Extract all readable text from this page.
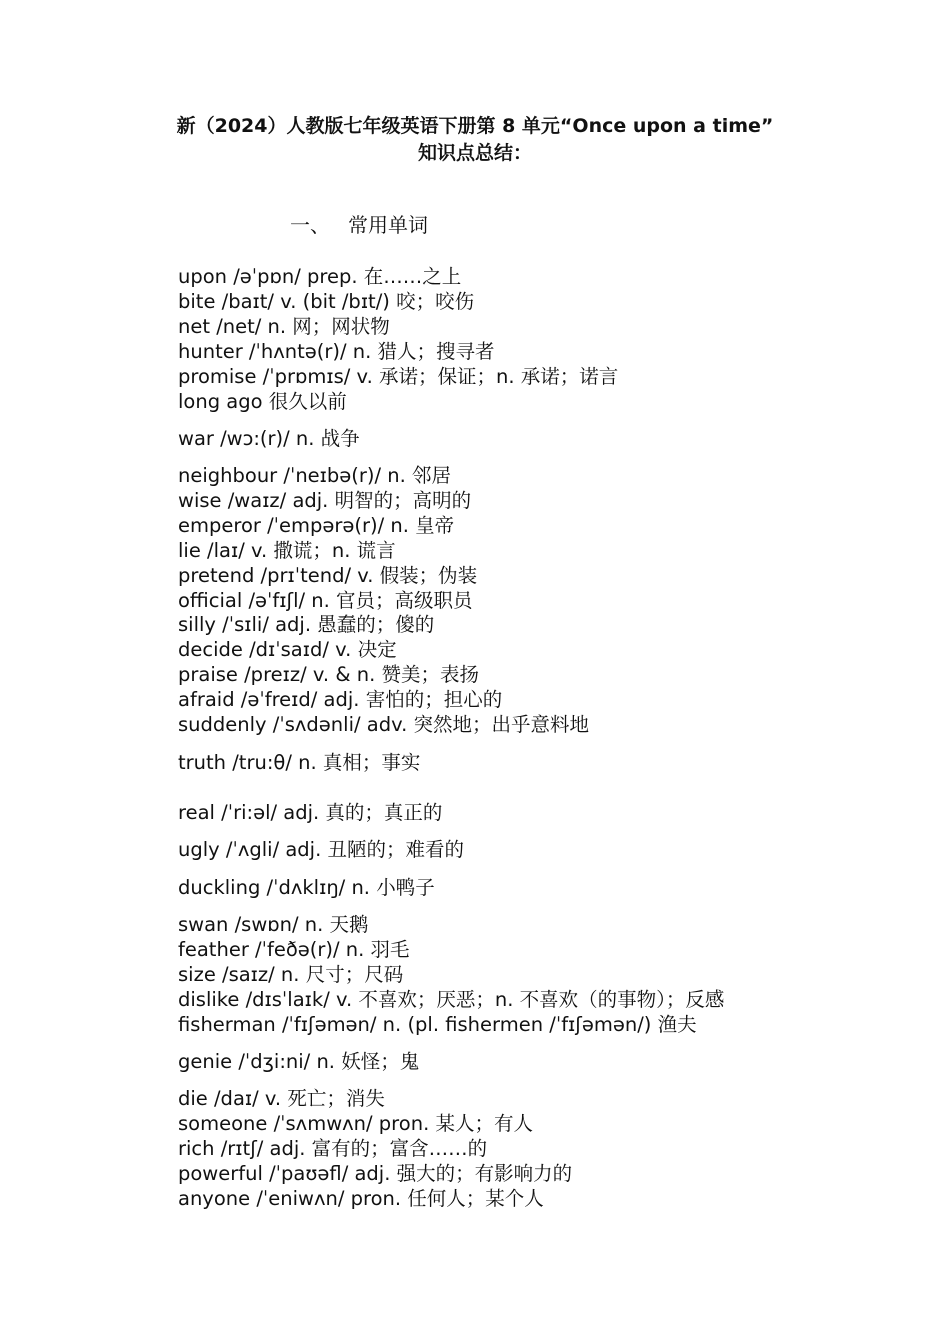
新（2024）人教版七年级英语下册第 8 单元“Once upon a time”
知识点总结：
一、 常用单词
upon /əˈpɒn/ prep. 在……之上
bite /baɪt/ v. (bit /bɪt/) 咬；咬伤
net /net/ n. 网；网状物
hunter /ˈhʌntə(r)/ n. 猎人；搜寻者
promise /ˈprɒmɪs/ v. 承诺；保证；n. 承诺；诺言
long ago 很久以前
war /wɔ:(r)/ n. 战争
neighbour /ˈneɪbə(r)/ n. 邻居
wise /waɪz/ adj. 明智的；高明的
emperor /ˈempərə(r)/ n. 皇帝
lie /laɪ/ v. 撒谎；n. 谎言
pretend /prɪˈtend/ v. 假装；伪装
official /əˈfɪʃl/ n. 官员；高级职员
silly /ˈsɪli/ adj. 愚蠢的；傻的
decide /dɪˈsaɪd/ v. 决定
praise /preɪz/ v. & n. 赞美；表扬
afraid /əˈfreɪd/ adj. 害怕的；担心的
suddenly /ˈsʌdənli/ adv. 突然地；出乎意料地
truth /tru:θ/ n. 真相；事实
real /ˈri:əl/ adj. 真的；真正的
ugly /ˈʌgli/ adj. 丑陋的；难看的
duckling /ˈdʌklɪŋ/ n. 小鸭子
swan /swɒn/ n. 天鹅
feather /ˈfeðə(r)/ n. 羽毛
size /saɪz/ n. 尺寸；尺码
dislike /dɪsˈlaɪk/ v. 不喜欢；厌恶；n. 不喜欢（的事物）；反感
fisherman /ˈfɪʃəmən/ n. (pl. fishermen /ˈfɪʃəmən/) 渔夫
genie /ˈdʒi:ni/ n. 妖怪；鬼
die /daɪ/ v. 死亡；消失
someone /ˈsʌmwʌn/ pron. 某人；有人
rich /rɪtʃ/ adj. 富有的；富含……的
powerful /ˈpaʊəfl/ adj. 强大的；有影响力的
anyone /ˈeniwʌn/ pron. 任何人；某个人
